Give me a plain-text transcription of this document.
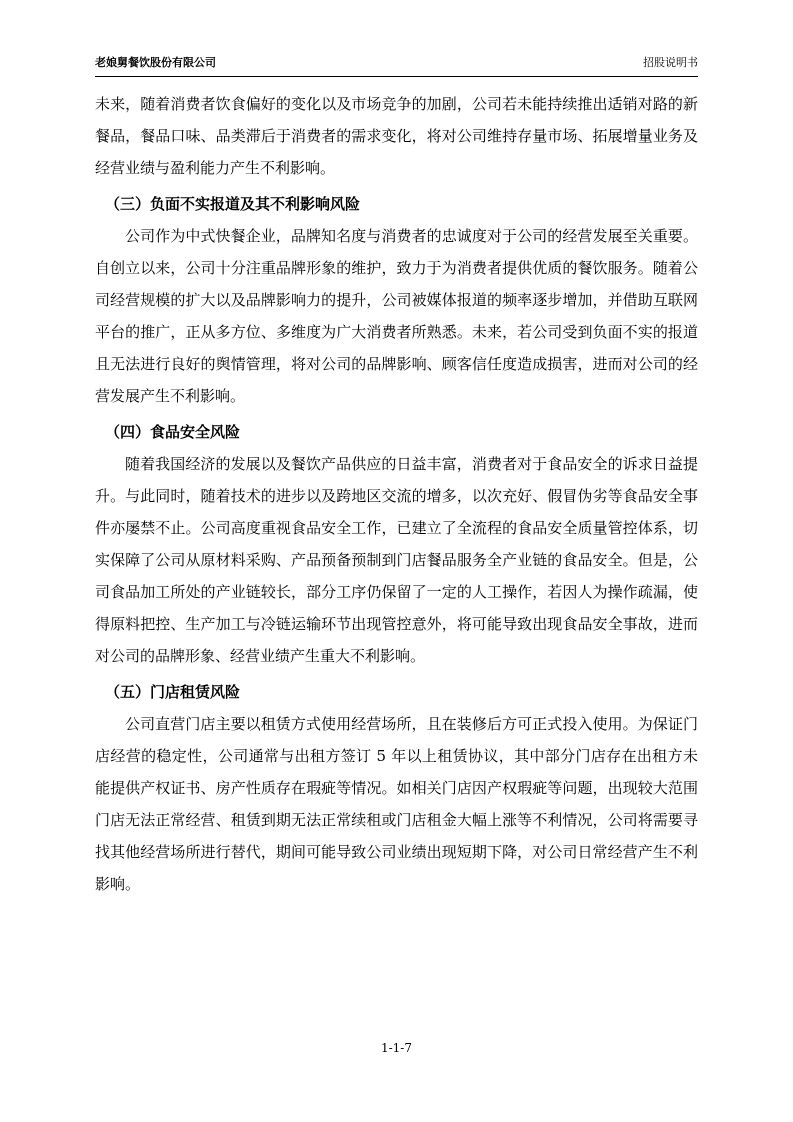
老娘舅餐饮股份有限公司	招股说明书

未来，随着消费者饮食偏好的变化以及市场竞争的加剧，公司若未能持续推出适销对路的新餐品，餐品口味、品类滞后于消费者的需求变化，将对公司维持存量市场、拓展增量业务及经营业绩与盈利能力产生不利影响。

（三）负面不实报道及其不利影响风险

公司作为中式快餐企业，品牌知名度与消费者的忠诚度对于公司的经营发展至关重要。自创立以来，公司十分注重品牌形象的维护，致力于为消费者提供优质的餐饮服务。随着公司经营规模的扩大以及品牌影响力的提升，公司被媒体报道的频率逐步增加，并借助互联网平台的推广，正从多方位、多维度为广大消费者所熟悉。未来，若公司受到负面不实的报道且无法进行良好的舆情管理，将对公司的品牌影响、顾客信任度造成损害，进而对公司的经营发展产生不利影响。

（四）食品安全风险

随着我国经济的发展以及餐饮产品供应的日益丰富，消费者对于食品安全的诉求日益提升。与此同时，随着技术的进步以及跨地区交流的增多，以次充好、假冒伪劣等食品安全事件亦屡禁不止。公司高度重视食品安全工作，已建立了全流程的食品安全质量管控体系，切实保障了公司从原材料采购、产品预备预制到门店餐品服务全产业链的食品安全。但是，公司食品加工所处的产业链较长，部分工序仍保留了一定的人工操作，若因人为操作疏漏，使得原料把控、生产加工与冷链运输环节出现管控意外，将可能导致出现食品安全事故，进而对公司的品牌形象、经营业绩产生重大不利影响。

（五）门店租赁风险

公司直营门店主要以租赁方式使用经营场所，且在装修后方可正式投入使用。为保证门店经营的稳定性，公司通常与出租方签订 5 年以上租赁协议，其中部分门店存在出租方未能提供产权证书、房产性质存在瑕疵等情况。如相关门店因产权瑕疵等问题，出现较大范围门店无法正常经营、租赁到期无法正常续租或门店租金大幅上涨等不利情况，公司将需要寻找其他经营场所进行替代，期间可能导致公司业绩出现短期下降，对公司日常经营产生不利影响。

1-1-7
